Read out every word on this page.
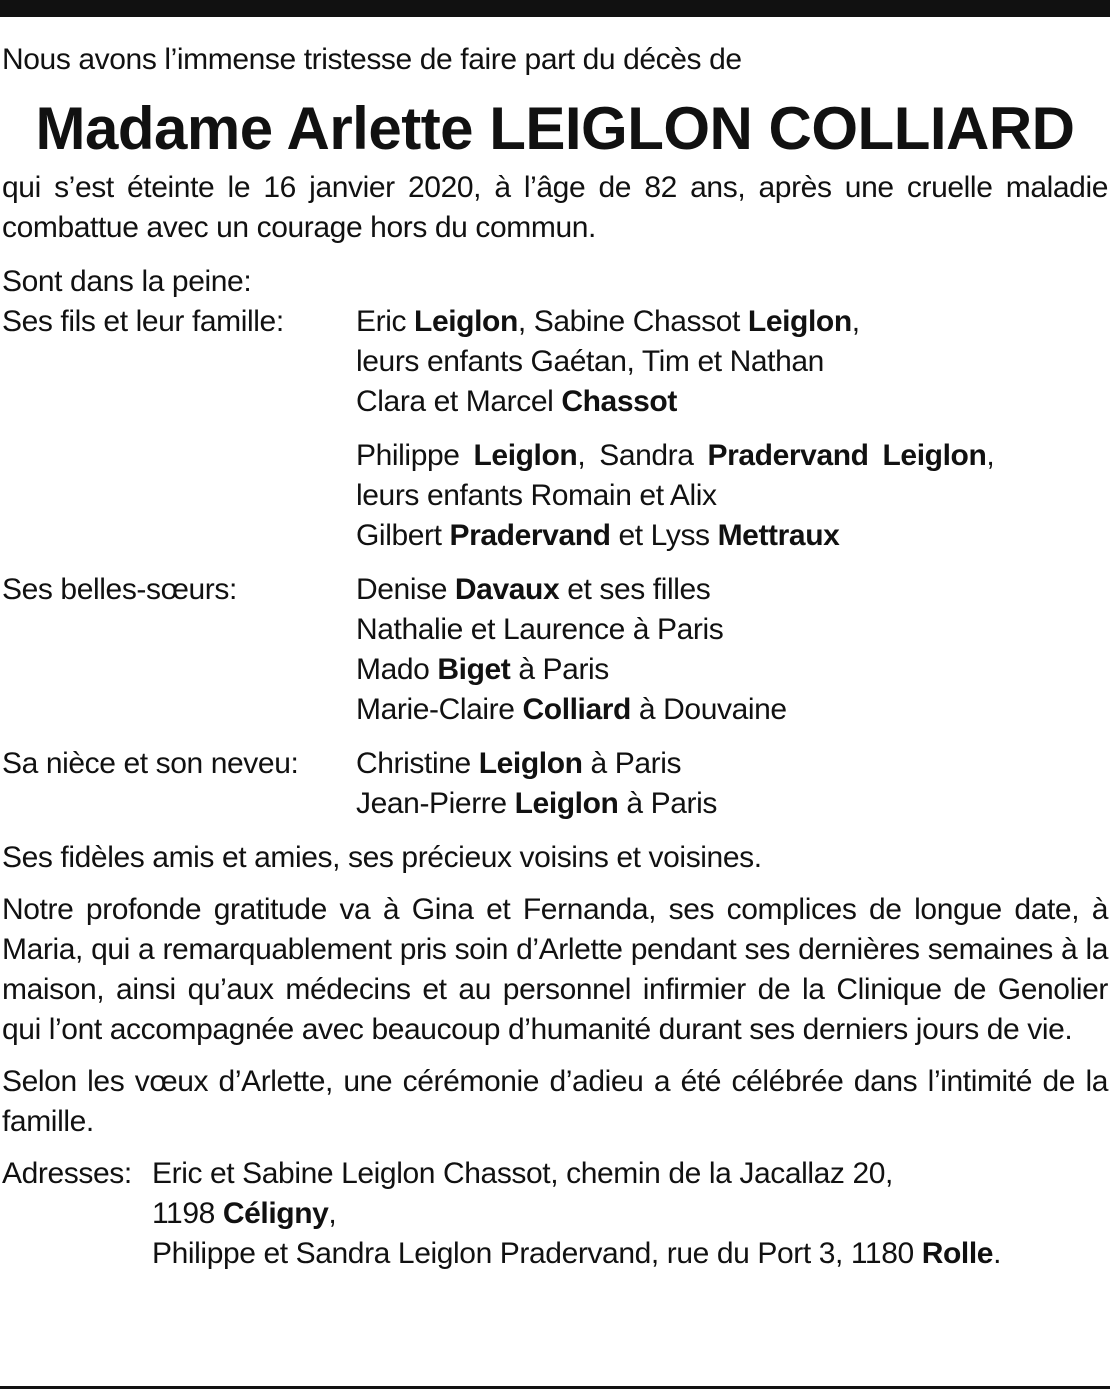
Nous avons l’immense tristesse de faire part du décès de

Madame Arlette LEIGLON COLLIARD

qui s’est éteinte le 16 janvier 2020, à l’âge de 82 ans, après une cruelle maladie combattue avec un courage hors du commun.

Sont dans la peine:

Ses fils et leur famille:	Eric Leiglon, Sabine Chassot Leiglon,
leurs enfants Gaétan, Tim et Nathan
Clara et Marcel Chassot
Philippe Leiglon, Sandra Pradervand Leiglon,
leurs enfants Romain et Alix
Gilbert Pradervand et Lyss Mettraux
Ses belles-sœurs:	Denise Davaux et ses filles
Nathalie et Laurence à Paris
Mado Biget à Paris
Marie-Claire Colliard à Douvaine
Sa nièce et son neveu:	Christine Leiglon à Paris
Jean-Pierre Leiglon à Paris

Ses fidèles amis et amies, ses précieux voisins et voisines.

Notre profonde gratitude va à Gina et Fernanda, ses complices de longue date, à Maria, qui a remarquablement pris soin d’Arlette pendant ses dernières semaines à la maison, ainsi qu’aux médecins et au personnel infirmier de la Clinique de Genolier qui l’ont accompagnée avec beaucoup d’humanité durant ses derniers jours de vie.

Selon les vœux d’Arlette, une cérémonie d’adieu a été célébrée dans l’intimité de la famille.

Adresses: Eric et Sabine Leiglon Chassot, chemin de la Jacallaz 20,
1198 Céligny,
Philippe et Sandra Leiglon Pradervand, rue du Port 3, 1180 Rolle.
